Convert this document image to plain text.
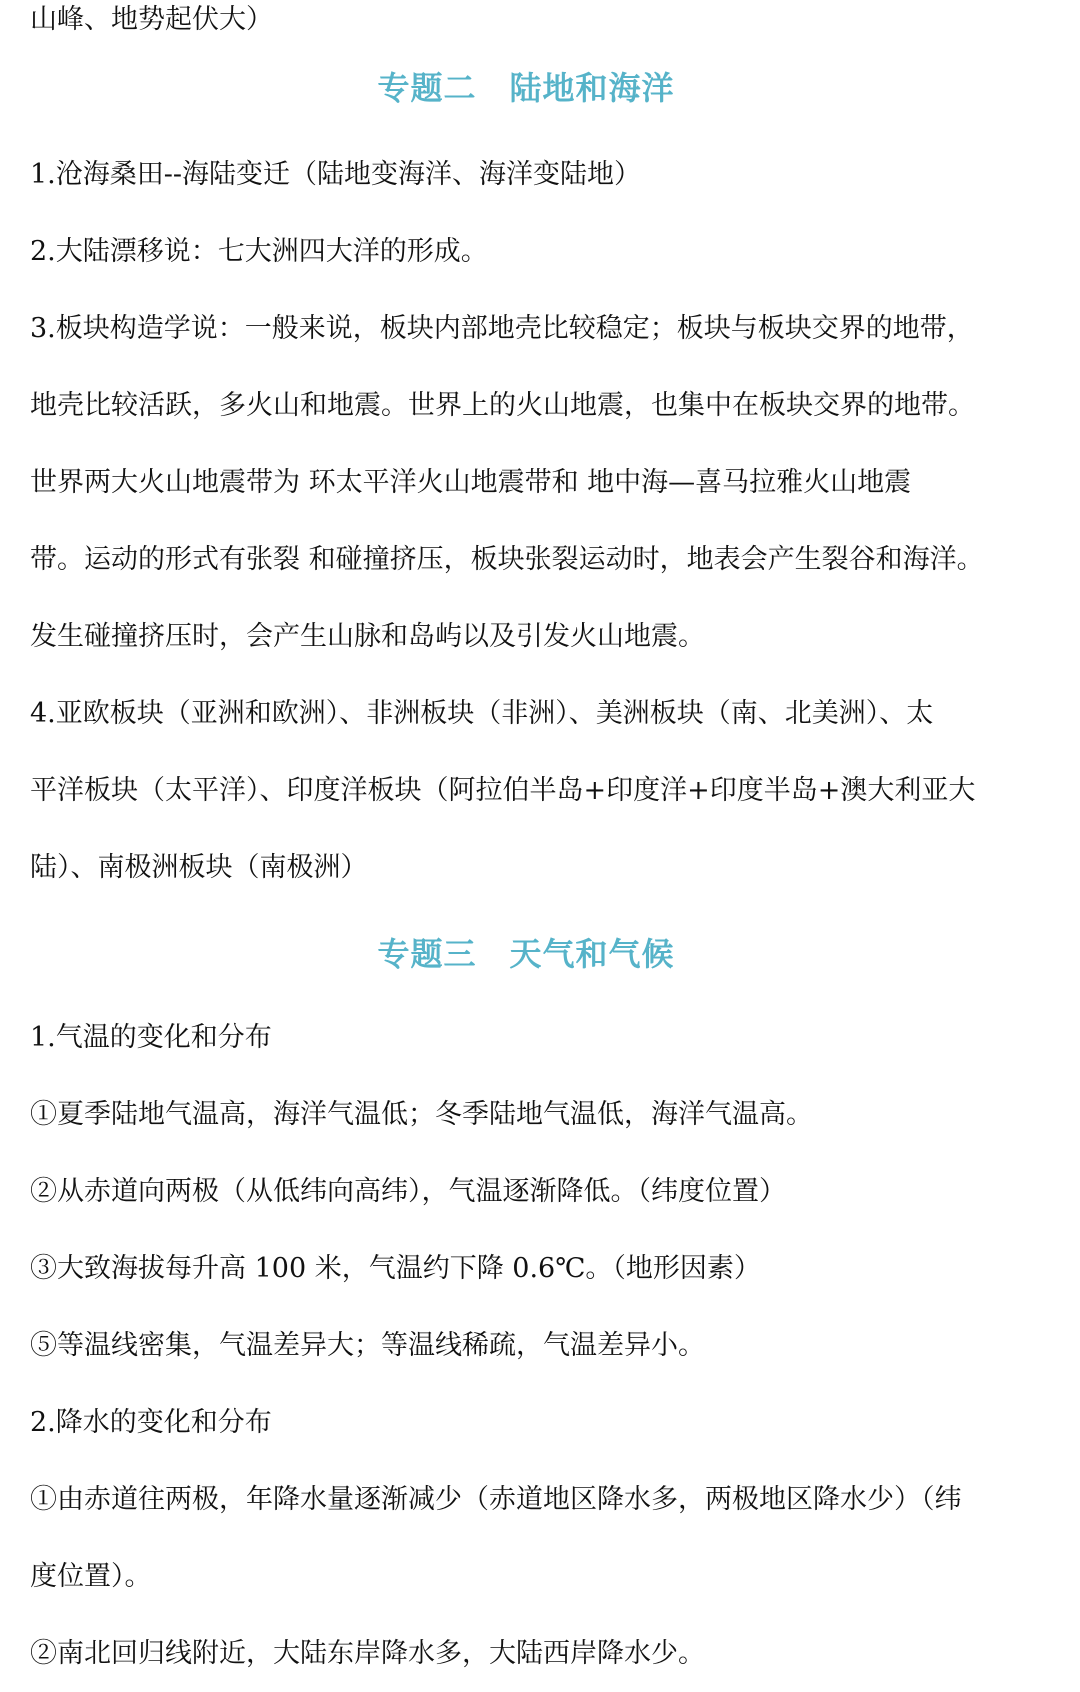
山峰、地势起伏大）
专题二　陆地和海洋
1.沧海桑田--海陆变迁（陆地变海洋、海洋变陆地）
2.大陆漂移说：七大洲四大洋的形成。
3.板块构造学说：一般来说，板块内部地壳比较稳定；板块与板块交界的地带，
地壳比较活跃，多火山和地震。世界上的火山地震，也集中在板块交界的地带。
世界两大火山地震带为 环太平洋火山地震带和 地中海—喜马拉雅火山地震
带。运动的形式有张裂 和碰撞挤压，板块张裂运动时，地表会产生裂谷和海洋。
发生碰撞挤压时，会产生山脉和岛屿以及引发火山地震。
4.亚欧板块（亚洲和欧洲）、非洲板块（非洲）、美洲板块（南、北美洲）、太
平洋板块（太平洋）、印度洋板块（阿拉伯半岛+印度洋+印度半岛+澳大利亚大
陆）、南极洲板块（南极洲）
专题三　天气和气候
1.气温的变化和分布
①夏季陆地气温高，海洋气温低；冬季陆地气温低，海洋气温高。
②从赤道向两极（从低纬向高纬），气温逐渐降低。（纬度位置）
③大致海拔每升高 100 米，气温约下降 0.6℃。（地形因素）
⑤等温线密集，气温差异大；等温线稀疏，气温差异小。
2.降水的变化和分布
①由赤道往两极，年降水量逐渐减少（赤道地区降水多，两极地区降水少）（纬
度位置）。
②南北回归线附近，大陆东岸降水多，大陆西岸降水少。
